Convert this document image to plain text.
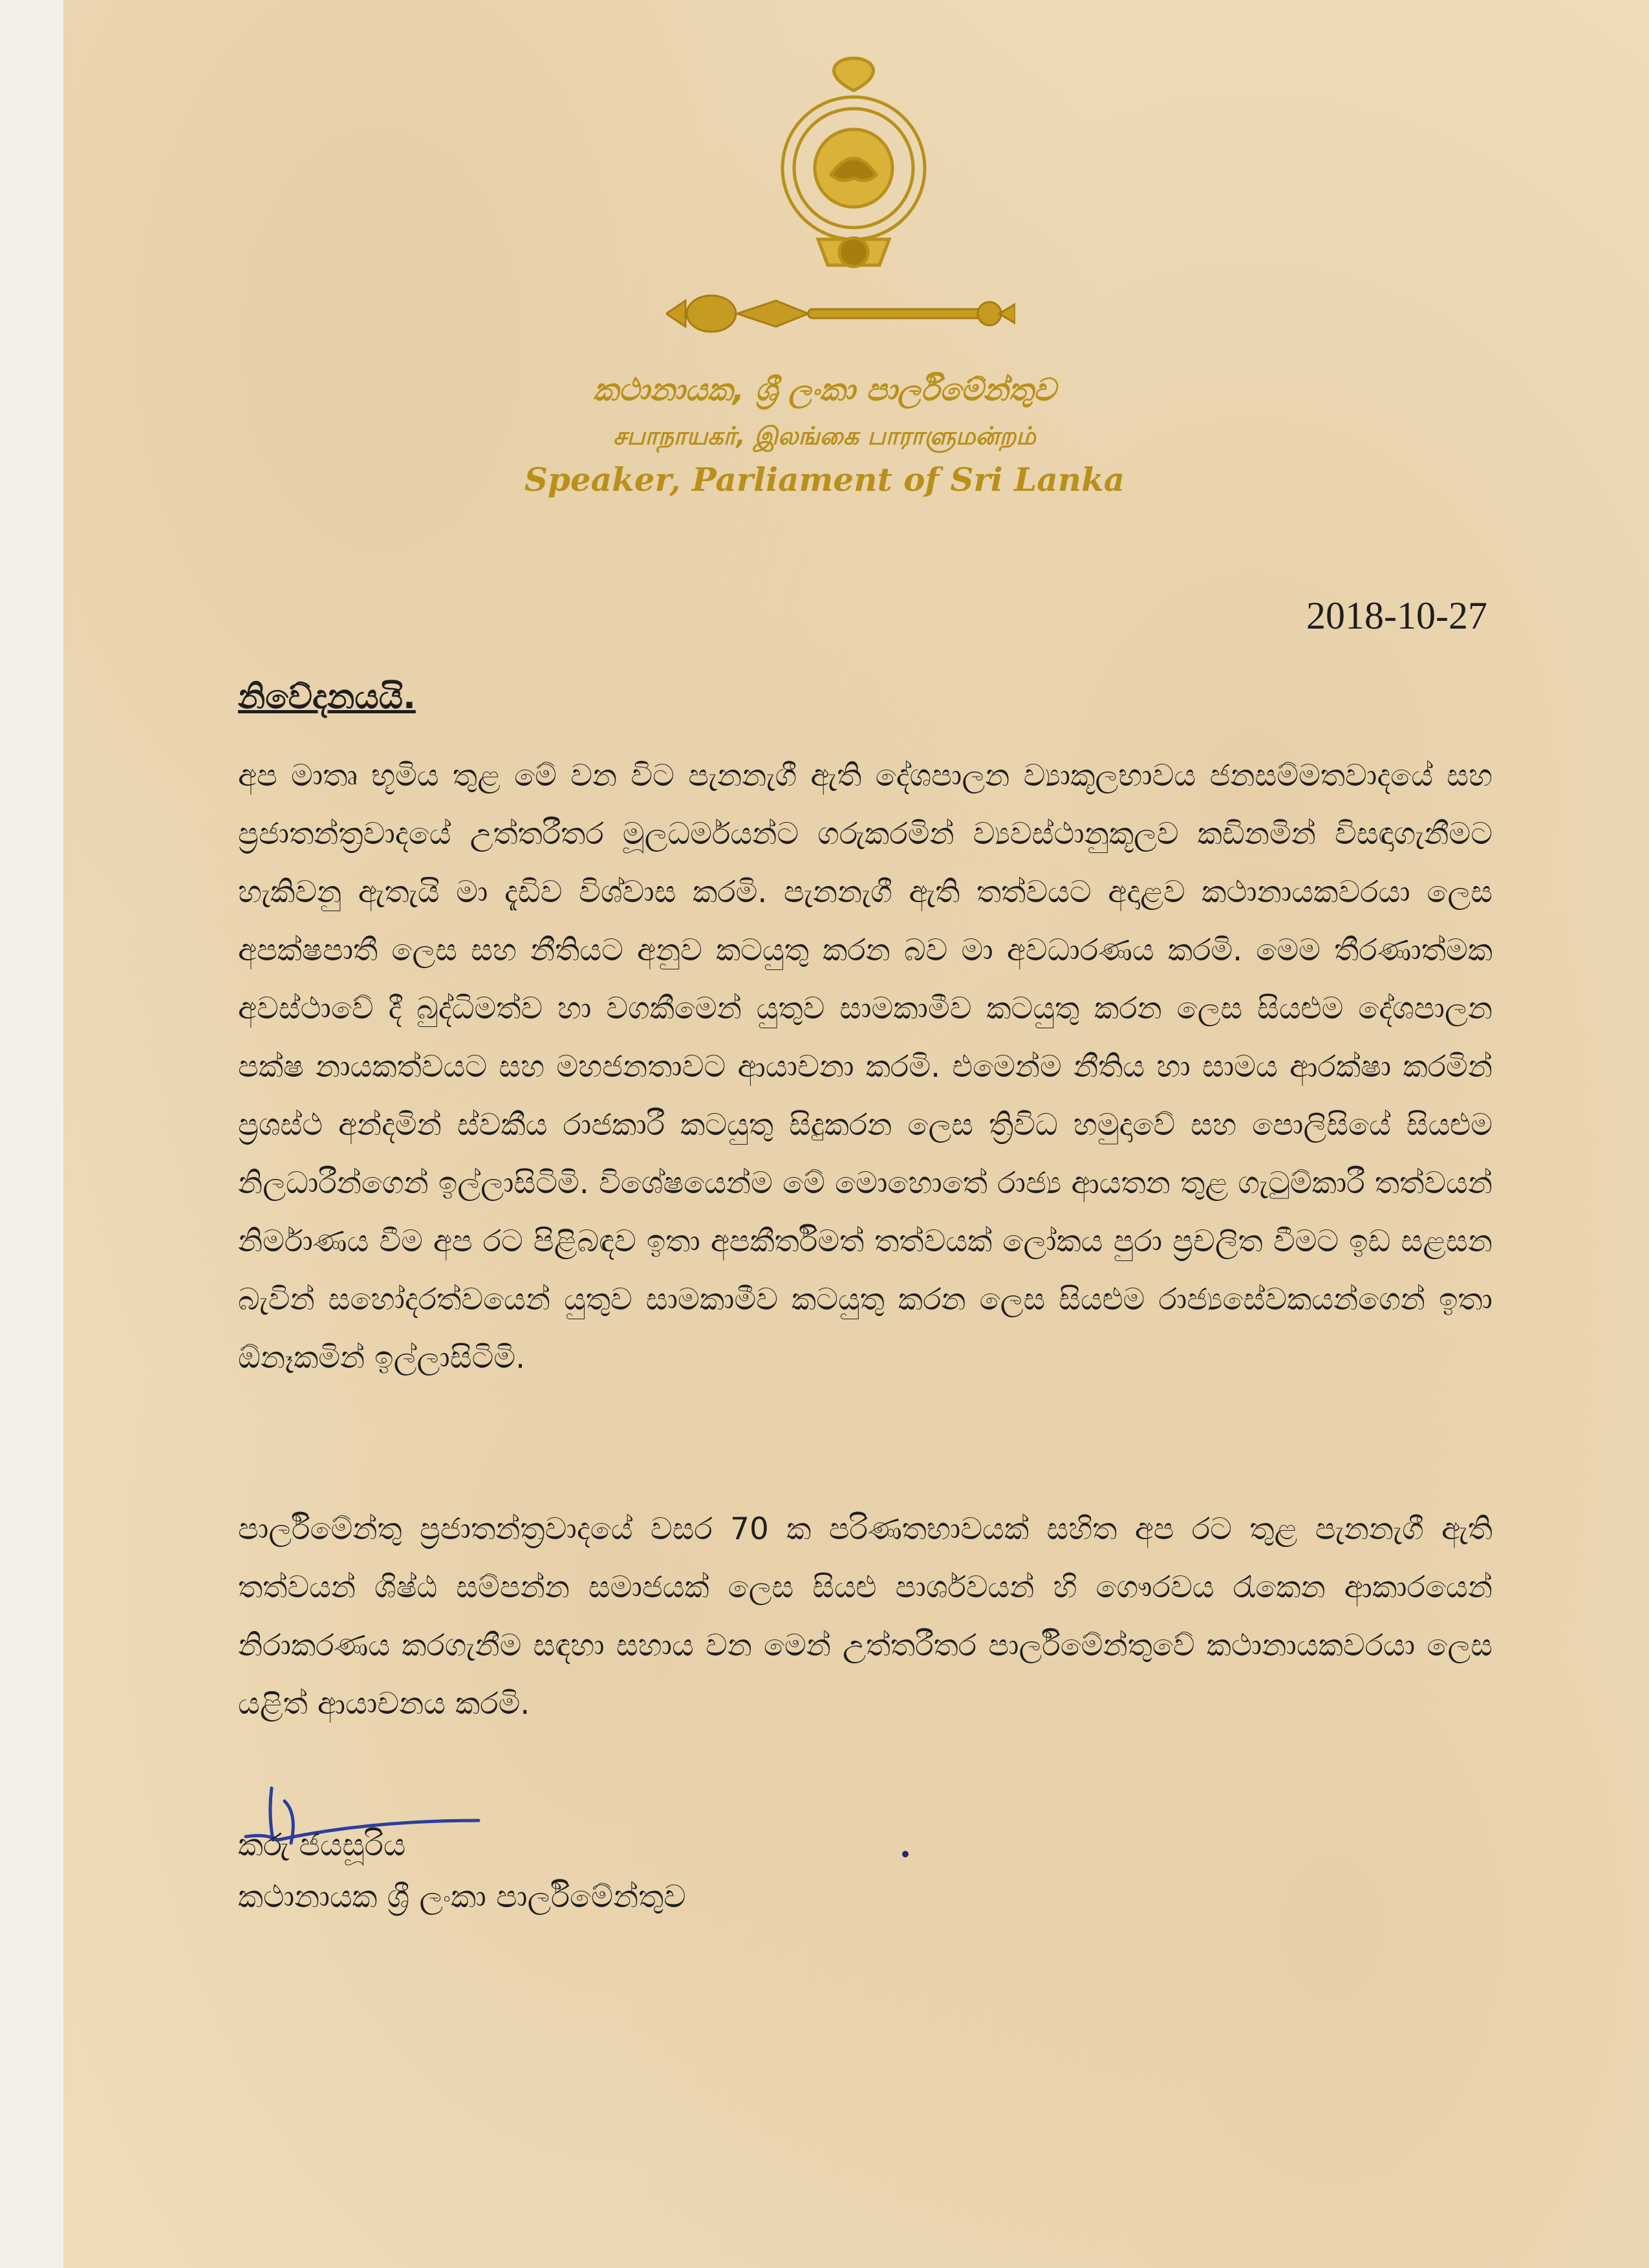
කථානායක, ශ්‍රී ලංකා පාර්ලිමේන්තුව
சபாநாயகர், இலங்கை பாராளுமன்றம்
Speaker, Parliament of Sri Lanka
2018-10-27
නිවේදනයයි.
අප මාතෘ භූමිය තුළ මේ වන විට පැනනැගී ඇති දේශපාලන ව්‍යාකූලභාවය ජනසම්මතවාදයේ සහ ප්‍රජාතන්ත්‍රවාදයේ උත්තරීතර මූලධර්මයන්ට ගරුකරමින් ව්‍යවස්ථානුකූලව කඩිනමින් විසඳාගැනීමට හැකිවනු ඇතැයි මා දැඩිව විශ්වාස කරමි. පැනනැගී ඇති තත්වයට අදාළව කථානායකවරයා ලෙස අපක්ෂපාතී ලෙස සහ නීතියට අනුව කටයුතු කරන බව මා අවධාරණය කරමි. මෙම තීරණාත්මක අවස්ථාවේ දී බුද්ධිමත්ව හා වගකීමෙන් යුතුව සාමකාමීව කටයුතු කරන ලෙස සියළුම දේශපාලන පක්ෂ නායකත්වයට සහ මහජනතාවට ආයාචනා කරමි. එමෙන්ම නීතිය හා සාමය ආරක්ෂා කරමින් ප්‍රශස්ථ අන්දමින් ස්වකීය රාජකාරී කටයුතු සිදුකරන ලෙස ත්‍රිවිධ හමුදාවේ සහ පොලිසියේ සියළුම නිලධාරීන්ගෙන් ඉල්ලාසිටිමි. විශේෂයෙන්ම මේ මොහොතේ රාජ්‍ය ආයතන තුළ ගැටුම්කාරී තත්වයන් නිර්මාණය වීම අප රට පිළිබඳව ඉතා අපකීර්තිමත් තත්වයක් ලෝකය පුරා ප්‍රචලිත වීමට ඉඩ සළසන බැවින් සහෝදරත්වයෙන් යුතුව සාමකාමීව කටයුතු කරන ලෙස සියළුම රාජ්‍යසේවකයන්ගෙන් ඉතා ඕනෑකමින් ඉල්ලාසිටිමි.
පාර්ලිමේන්තු ප්‍රජාතන්ත්‍රවාදයේ වසර 70 ක පරිණතභාවයක් සහිත අප රට තුළ පැනනැගී ඇති තත්වයන් ශිෂ්ඨ සම්පන්න සමාජයක් ලෙස සියළු පාර්ශවයන් හි ගෞරවය රැකෙන ආකාරයෙන් නිරාකරණය කරගැනීම සඳහා සහාය වන මෙන් උත්තරීතර පාර්ලිමේන්තුවේ කථානායකවරයා ලෙස යළිත් ආයාචනය කරමි.
කරු ජයසූරිය
කථානායක ශ්‍රී ලංකා පාර්ලිමේන්තුව
